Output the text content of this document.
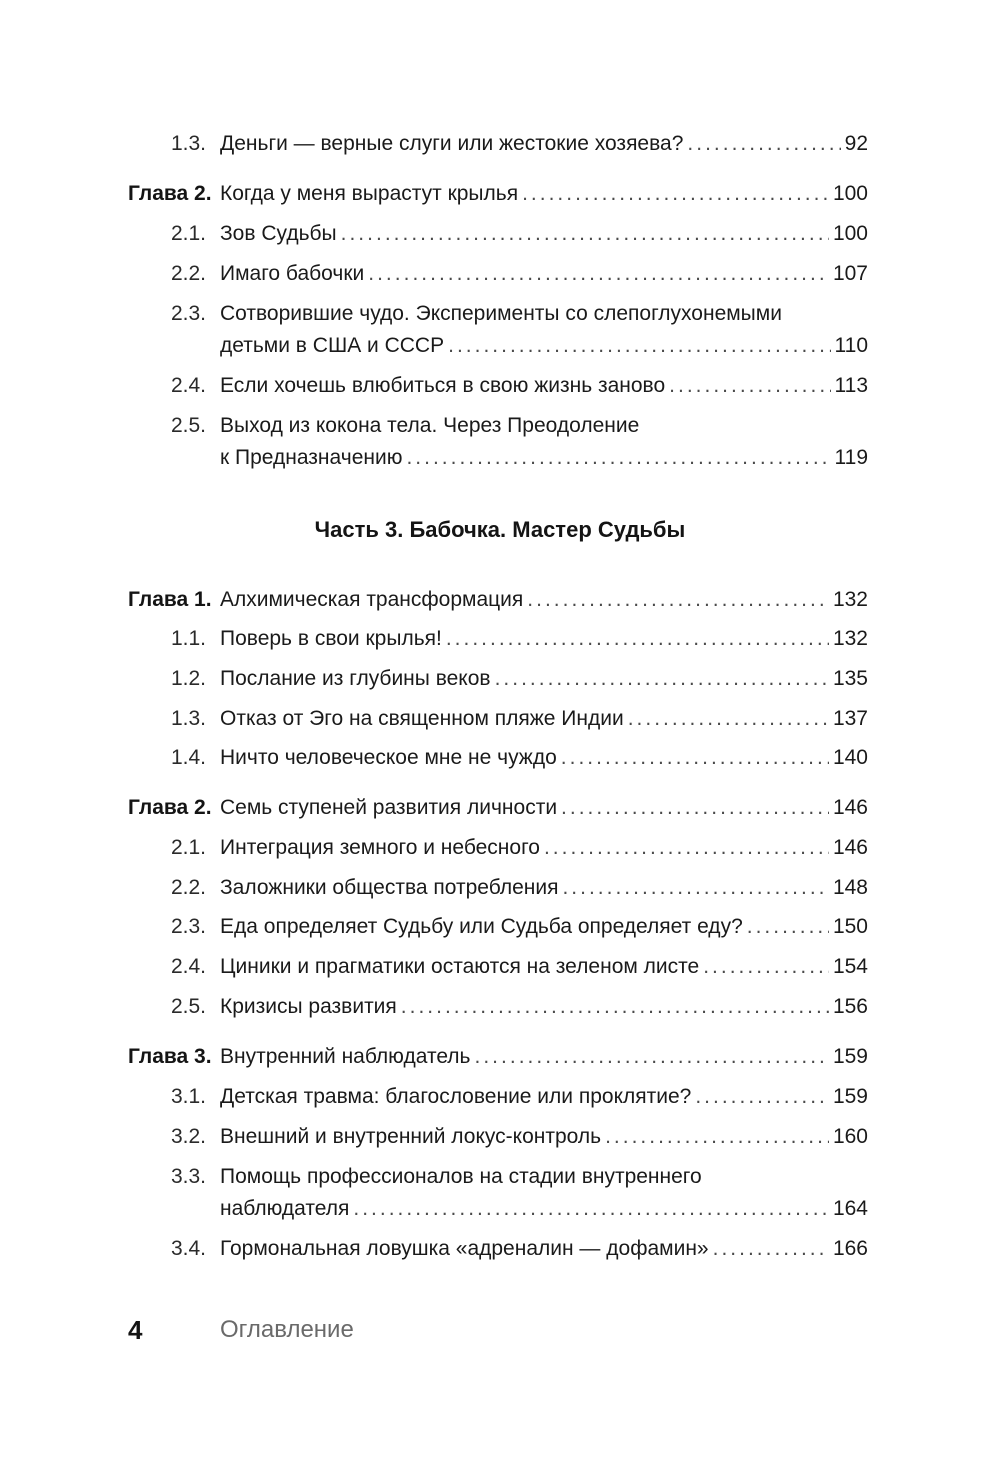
1.3. Деньги — верные слуги или жестокие хозяева? .....	92
Глава 2. Когда у меня вырастут крылья .....	100
2.1. Зов Судьбы .....	100
2.2. Имаго бабочки .....	107
2.3. Сотворившие чудо. Эксперименты со слепоглухонемыми
детьми в США и СССР .....	110
2.4. Если хочешь влюбиться в свою жизнь заново .....	113
2.5. Выход из кокона тела. Через Преодоление
к Предназначению .....	119
Часть 3. Бабочка. Мастер Судьбы
Глава 1. Алхимическая трансформация .....	132
1.1. Поверь в свои крылья! .....	132
1.2. Послание из глубины веков .....	135
1.3. Отказ от Эго на священном пляже Индии .....	137
1.4. Ничто человеческое мне не чуждо .....	140
Глава 2. Семь ступеней развития личности .....	146
2.1. Интеграция земного и небесного .....	146
2.2. Заложники общества потребления .....	148
2.3. Еда определяет Судьбу или Судьба определяет еду? .....	150
2.4. Циники и прагматики остаются на зеленом листе .....	154
2.5. Кризисы развития .....	156
Глава 3. Внутренний наблюдатель .....	159
3.1. Детская травма: благословение или проклятие? .....	159
3.2. Внешний и внутренний локус-контроль .....	160
3.3. Помощь профессионалов на стадии внутреннего
наблюдателя .....	164
3.4. Гормональная ловушка «адреналин — дофамин» .....	166
4	Оглавление
